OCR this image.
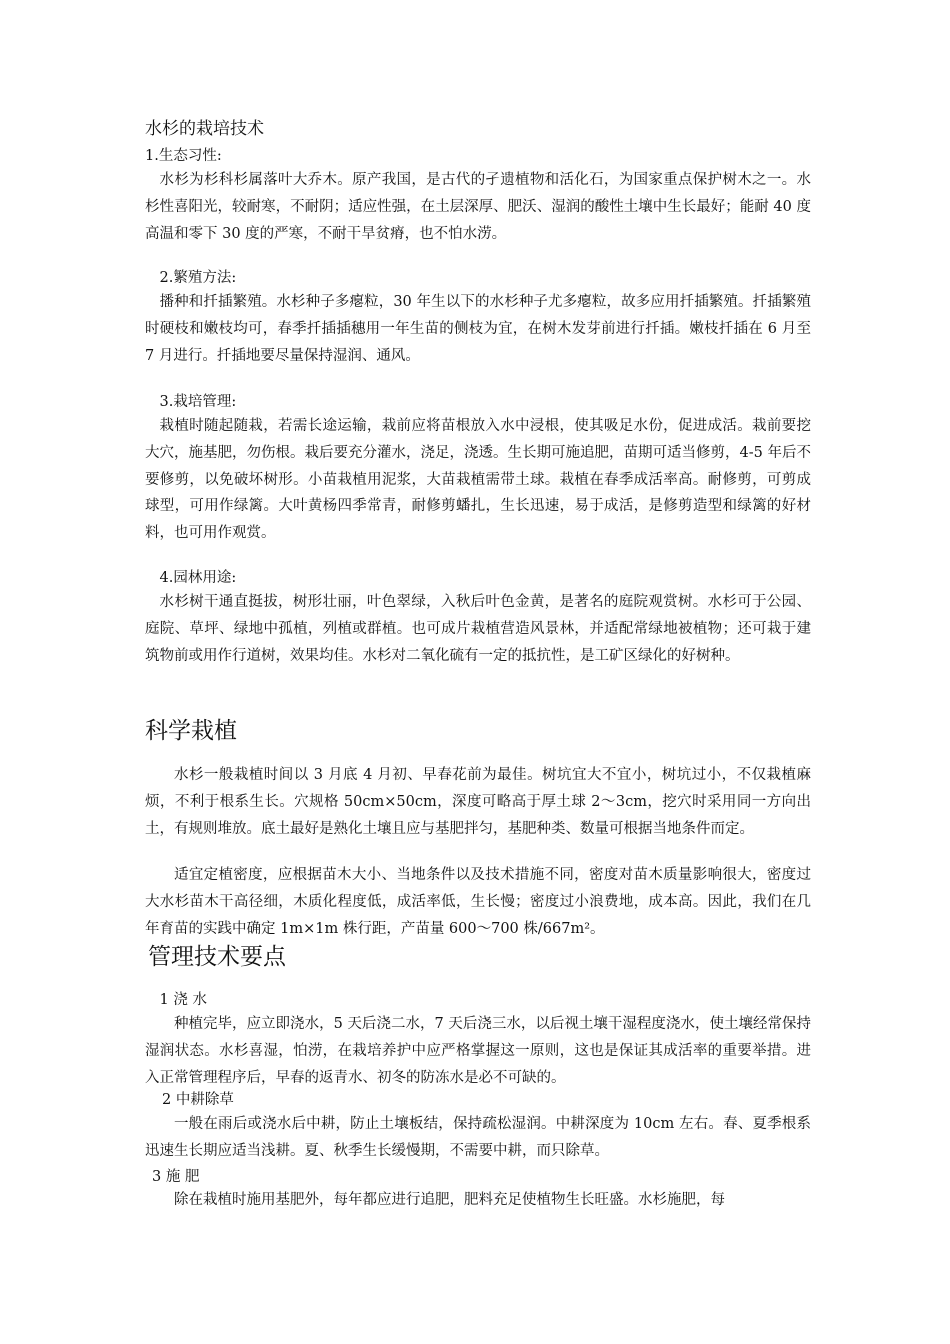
水杉的栽培技术

1.生态习性:

水杉为杉科杉属落叶大乔木。原产我国，是古代的孑遗植物和活化石，为国家重点保护树木之一。水杉性喜阳光，较耐寒，不耐阴；适应性强，在土层深厚、肥沃、湿润的酸性土壤中生长最好；能耐 40 度高温和零下 30 度的严寒，不耐干旱贫瘠，也不怕水涝。

2.繁殖方法:

播种和扦插繁殖。水杉种子多瘪粒，30 年生以下的水杉种子尤多瘪粒，故多应用扦插繁殖。扦插繁殖时硬枝和嫩枝均可，春季扦插插穗用一年生苗的侧枝为宜，在树木发芽前进行扦插。嫩枝扦插在 6 月至 7 月进行。扦插地要尽量保持湿润、通风。

3.栽培管理:

栽植时随起随栽，若需长途运输，栽前应将苗根放入水中浸根，使其吸足水份，促进成活。栽前要挖大穴，施基肥，勿伤根。栽后要充分灌水，浇足，浇透。生长期可施追肥，苗期可适当修剪，4-5 年后不要修剪，以免破坏树形。小苗栽植用泥浆，大苗栽植需带土球。栽植在春季成活率高。耐修剪，可剪成球型，可用作绿篱。大叶黄杨四季常青，耐修剪蟠扎，生长迅速，易于成活，是修剪造型和绿篱的好材料，也可用作观赏。

4.园林用途:

水杉树干通直挺拔，树形壮丽，叶色翠绿，入秋后叶色金黄，是著名的庭院观赏树。水杉可于公园、庭院、草坪、绿地中孤植，列植或群植。也可成片栽植营造风景林，并适配常绿地被植物；还可栽于建筑物前或用作行道树，效果均佳。水杉对二氧化硫有一定的抵抗性，是工矿区绿化的好树种。

科学栽植

水杉一般栽植时间以 3 月底 4 月初、早春花前为最佳。树坑宜大不宜小，树坑过小，不仅栽植麻烦，不利于根系生长。穴规格 50cm×50cm，深度可略高于厚土球 2～3cm，挖穴时采用同一方向出土，有规则堆放。底土最好是熟化土壤且应与基肥拌匀，基肥种类、数量可根据当地条件而定。

适宜定植密度，应根据苗木大小、当地条件以及技术措施不同，密度对苗木质量影响很大，密度过大水杉苗木干高径细，木质化程度低，成活率低，生长慢；密度过小浪费地，成本高。因此，我们在几年育苗的实践中确定 1m×1m 株行距，产苗量 600～700 株/667m²。

管理技术要点

1 浇 水

种植完毕，应立即浇水，5 天后浇二水，7 天后浇三水，以后视土壤干湿程度浇水，使土壤经常保持湿润状态。水杉喜湿，怕涝，在栽培养护中应严格掌握这一原则，这也是保证其成活率的重要举措。进入正常管理程序后，早春的返青水、初冬的防冻水是必不可缺的。

2 中耕除草

一般在雨后或浇水后中耕，防止土壤板结，保持疏松湿润。中耕深度为 10cm 左右。春、夏季根系迅速生长期应适当浅耕。夏、秋季生长缓慢期，不需要中耕，而只除草。

3 施 肥

除在栽植时施用基肥外，每年都应进行追肥，肥料充足使植物生长旺盛。水杉施肥，每
